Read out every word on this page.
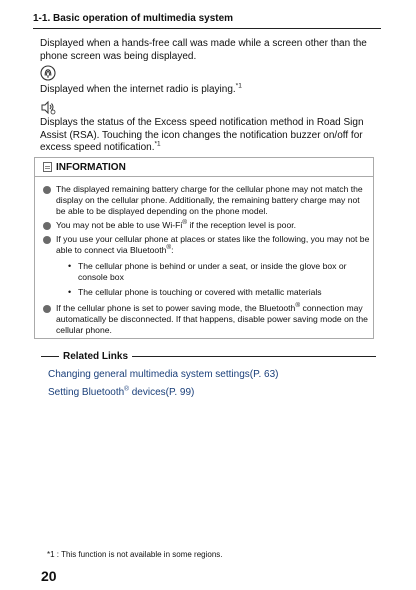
1-1. Basic operation of multimedia system
Displayed when a hands-free call was made while a screen other than the phone screen was being displayed.
Displayed when the internet radio is playing.$^{*1}$
Displays the status of the Excess speed notification method in Road Sign Assist (RSA). Touching the icon changes the notification buzzer on/off for excess speed notification.$^{*1}$
INFORMATION
The displayed remaining battery charge for the cellular phone may not match the display on the cellular phone. Additionally, the remaining battery charge may not be able to be displayed depending on the phone model.
You may not be able to use Wi-Fi® if the reception level is poor.
If you use your cellular phone at places or states like the following, you may not be able to connect via Bluetooth®:
• The cellular phone is behind or under a seat, or inside the glove box or console box
• The cellular phone is touching or covered with metallic materials
If the cellular phone is set to power saving mode, the Bluetooth® connection may automatically be disconnected. If that happens, disable power saving mode on the cellular phone.
Related Links
Changing general multimedia system settings(P. 63)
Setting Bluetooth® devices(P. 99)
*1 : This function is not available in some regions.
20
